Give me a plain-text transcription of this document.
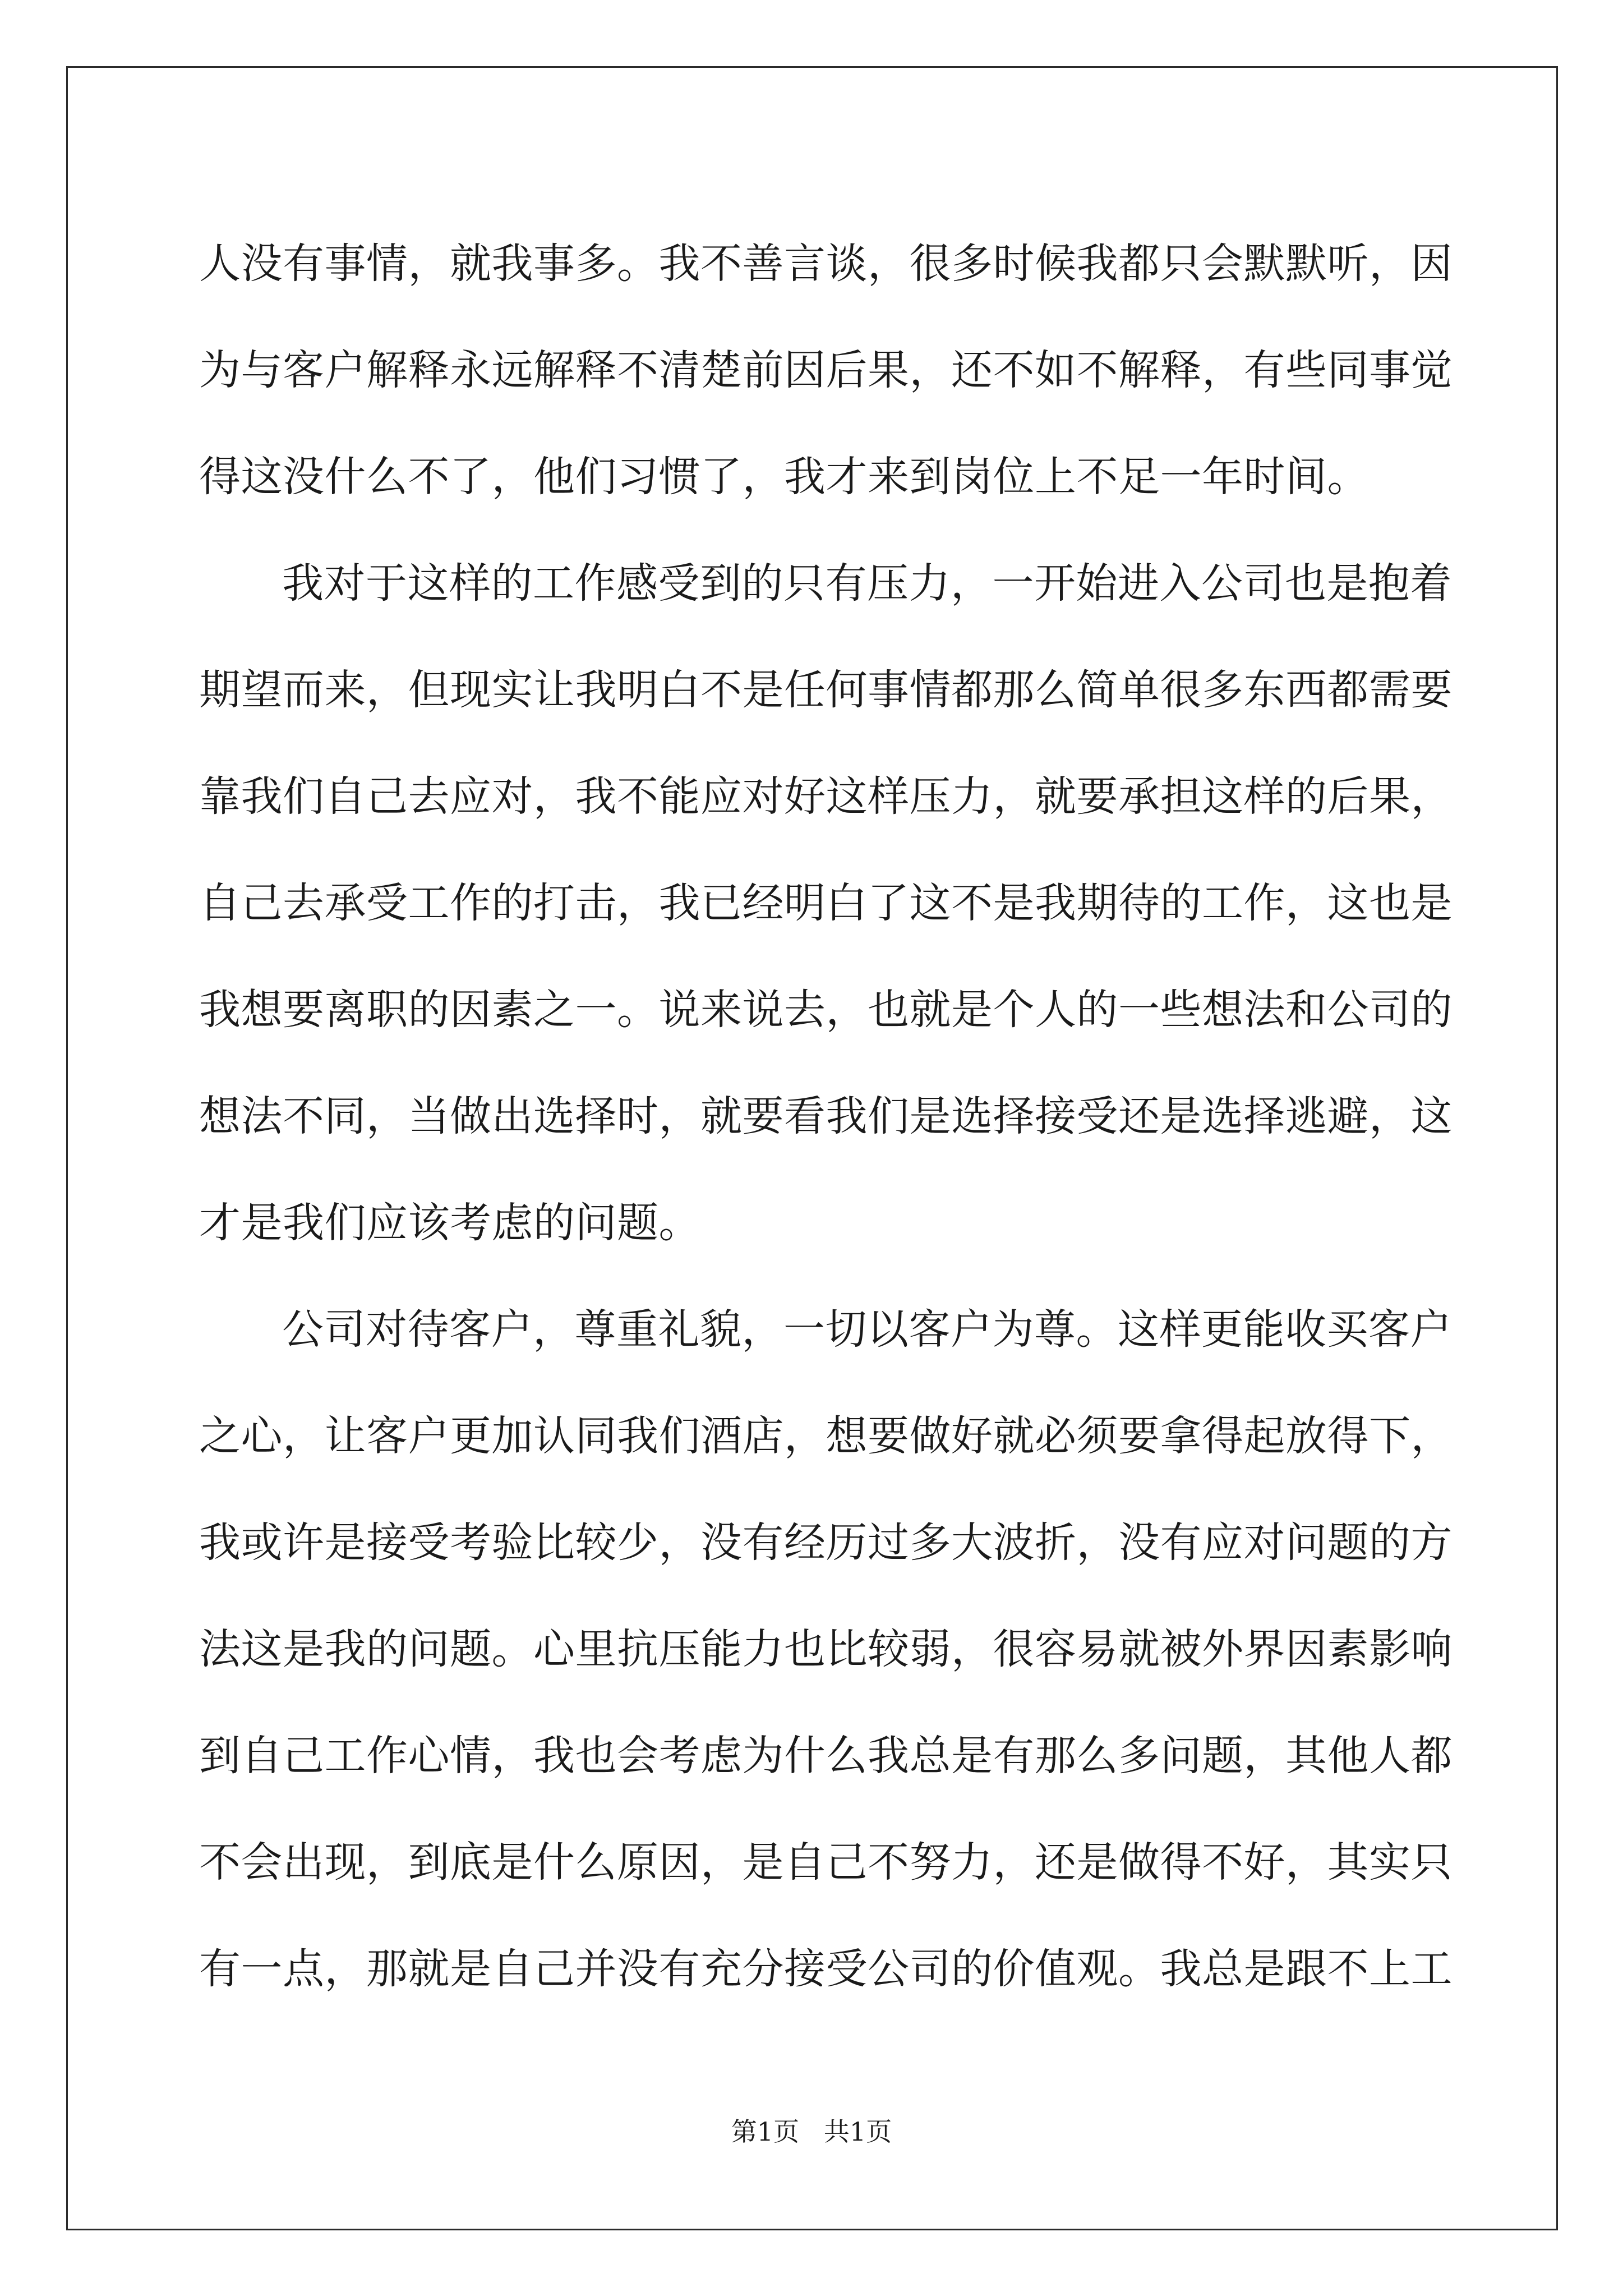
人没有事情，就我事多。我不善言谈，很多时候我都只会默默听，因
为与客户解释永远解释不清楚前因后果，还不如不解释，有些同事觉
得这没什么不了，他们习惯了，我才来到岗位上不足一年时间。
我对于这样的工作感受到的只有压力，一开始进入公司也是抱着
期望而来，但现实让我明白不是任何事情都那么简单很多东西都需要
靠我们自己去应对，我不能应对好这样压力，就要承担这样的后果，
自己去承受工作的打击，我已经明白了这不是我期待的工作，这也是
我想要离职的因素之一。说来说去，也就是个人的一些想法和公司的
想法不同，当做出选择时，就要看我们是选择接受还是选择逃避，这
才是我们应该考虑的问题。
公司对待客户，尊重礼貌，一切以客户为尊。这样更能收买客户
之心，让客户更加认同我们酒店，想要做好就必须要拿得起放得下，
我或许是接受考验比较少，没有经历过多大波折，没有应对问题的方
法这是我的问题。心里抗压能力也比较弱，很容易就被外界因素影响
到自己工作心情，我也会考虑为什么我总是有那么多问题，其他人都
不会出现，到底是什么原因，是自己不努力，还是做得不好，其实只
有一点，那就是自己并没有充分接受公司的价值观。我总是跟不上工
第1页   共1页
